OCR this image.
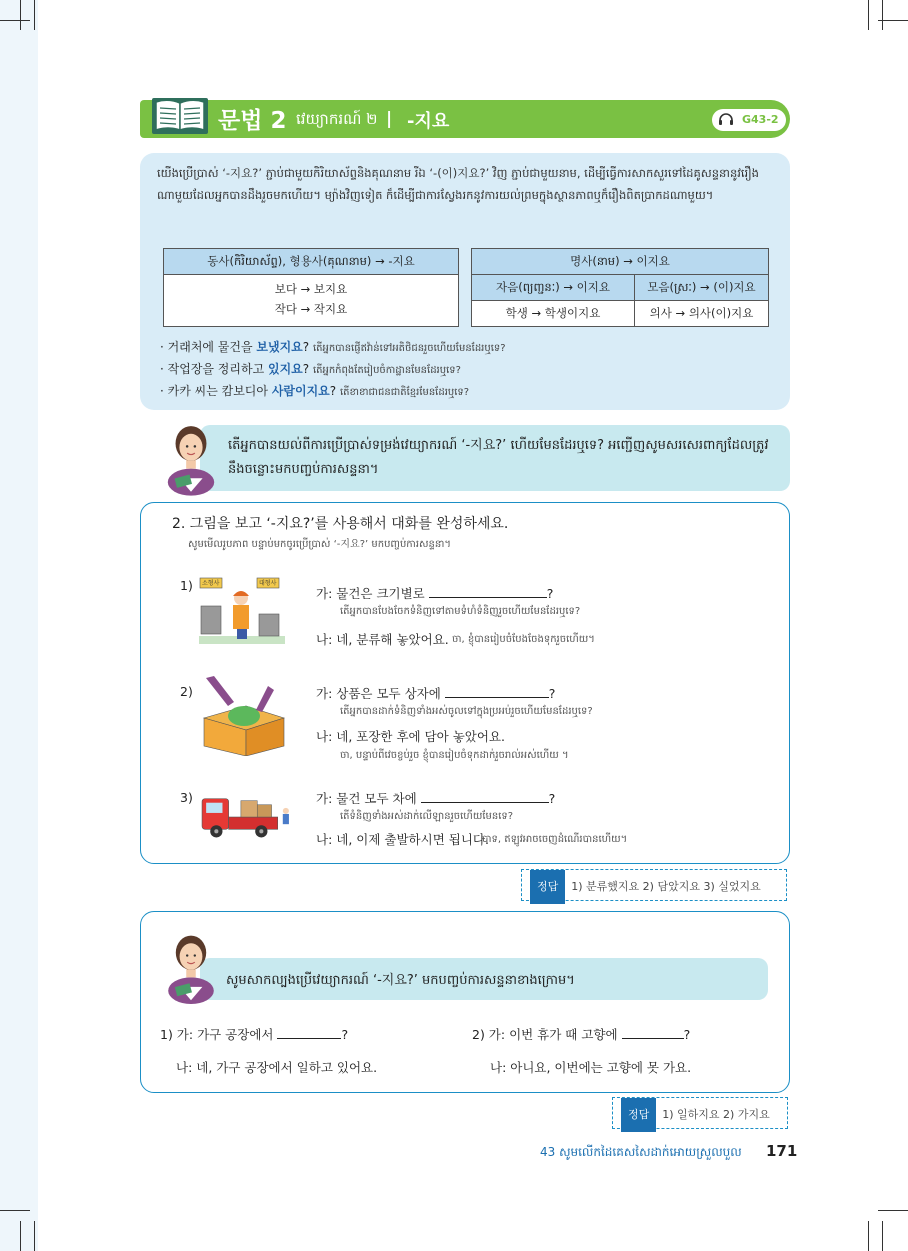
문법 2 វេយ្យាករណ៍ ២ | -지요	G43-2
យើងប្រើប្រាស់ ‘-지요?’ ភ្ជាប់ជាមួយកិរិយាស័ព្ទនិងគុណនាម រីឯ ‘-(이)지요?’ វិញ ភ្ជាប់ជាមួយនាម, ដើម្បីធ្វើការសាកសួរទៅដៃគូសន្ទនានូវរឿងណាមួយដែលអ្នកបានដឹងរួចមកហើយ។ ម្យ៉ាងវិញទៀត ក៏ដើម្បីជាការស្វែងរកនូវការយល់ព្រមក្នុងស្ថានភាពឬក៏រឿងពិតប្រាកដណាមួយ។
동사(កិរិយាស័ព្ទ), 형용사(គុណនាម) → -지요
보다 → 보지요
작다 → 작지요
명사(នាម) → 이지요
자음(ព្យញ្ជនៈ) → 이지요	모음(ស្រៈ) → (이)지요
학생 → 학생이지요	의사 → 의사(이)지요
· 거래처에 물건을 보냈지요? តើអ្នកបានផ្ញើឥវ៉ាន់ទៅអតិថិជនរួចហើយមែនដែរឬទេ?
· 작업장을 정리하고 있지요? តើអ្នកកំពុងតែរៀបចំកាដ្ឋានមែនដែរឬទេ?
· 카카 씨는 캄보디아 사람이지요? តើខាខាជាជនជាតិខ្មែរមែនដែរឬទេ?
តើអ្នកបានយល់ពីការប្រើប្រាស់ទម្រង់វេយ្យាករណ៍ ‘-지요?’ ហើយមែនដែរឬទេ? អញ្ជើញសូមសរសេរពាក្យដែលត្រូវនឹងចន្លោះមកបញ្ចប់ការសន្ទនា។
2. 그림을 보고 ‘-지요?’를 사용해서 대화를 완성하세요.
សូមមើលរូបភាព បន្ទាប់មកចូរប្រើប្រាស់ ‘-지요?’ មកបញ្ចប់ការសន្ទនា។
1) 소형사	대형사
가: 물건은 크기별로	?
តើអ្នកបានបែងចែកទំនិញទៅតាមទំហំទំនិញរួចហើយមែនដែរឬទេ?
나: 네, 분류해 놓았어요. ចា, ខ្ញុំបានរៀបចំបែងចែងទុករួចហើយ។
2)	가: 상품은 모두 상자에	?
តើអ្នកបានដាក់ទំនិញទាំងអស់ចូលទៅក្នុងប្រអប់រួចហើយមែនដែរឬទេ?
나: 네, 포장한 후에 담아 놓았어요.
ចា, បន្ទាប់ពីវេចខ្ចប់រួច ខ្ញុំបានរៀបចំទុកដាក់រួចរាល់អស់ហើយ ។
3)	가: 물건 모두 차에	?
តើទំនិញទាំងអស់ដាក់លើឡានរួចហើយមែនទេ?
나: 네, 이제 출발하시면 됩니다.
បាទ, ឥឡូវអាចចេញដំណើរបានហើយ។
정답 1) 분류했지요 2) 담았지요 3) 실었지요
សូមសាកល្បងប្រើវេយ្យាករណ៍ ‘-지요?’ មកបញ្ចប់ការសន្ទនាខាងក្រោម។
1) 가: 가구 공장에서	?
나: 네, 가구 공장에서 일하고 있어요.
2) 가: 이번 휴가 때 고향에	?
나: 아니요, 이번에는 고향에 못 가요.
정답 1) 일하지요 2) 가지요
43 សូមលើកដៃគេសសៃដាក់អោយស្រួលបួល 171
